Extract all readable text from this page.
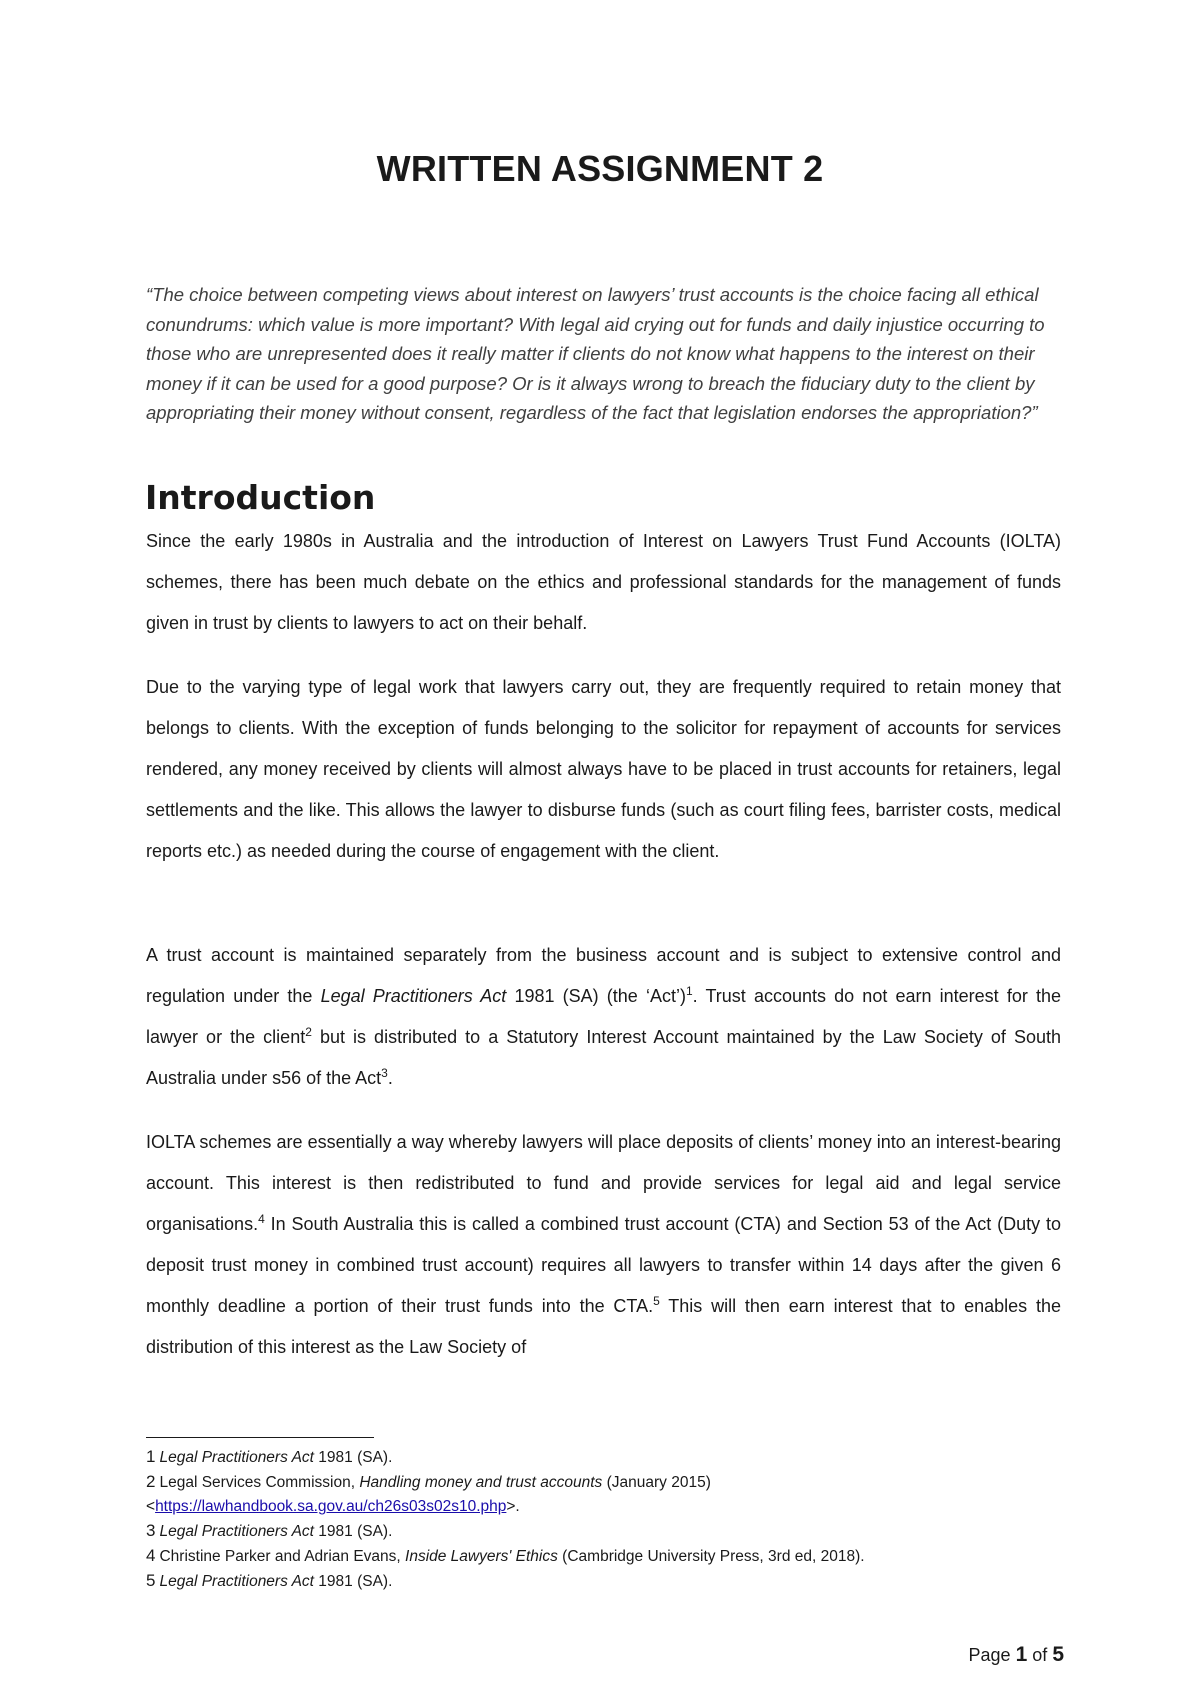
WRITTEN ASSIGNMENT 2

“The choice between competing views about interest on lawyers’ trust accounts is the choice facing all ethical conundrums: which value is more important? With legal aid crying out for funds and daily injustice occurring to those who are unrepresented does it really matter if clients do not know what happens to the interest on their money if it can be used for a good purpose? Or is it always wrong to breach the fiduciary duty to the client by appropriating their money without consent, regardless of the fact that legislation endorses the appropriation?”

Introduction

Since the early 1980s in Australia and the introduction of Interest on Lawyers Trust Fund Accounts (IOLTA) schemes, there has been much debate on the ethics and professional standards for the management of funds given in trust by clients to lawyers to act on their behalf.

Due to the varying type of legal work that lawyers carry out, they are frequently required to retain money that belongs to clients. With the exception of funds belonging to the solicitor for repayment of accounts for services rendered, any money received by clients will almost always have to be placed in trust accounts for retainers, legal settlements and the like. This allows the lawyer to disburse funds (such as court filing fees, barrister costs, medical reports etc.) as needed during the course of engagement with the client.

A trust account is maintained separately from the business account and is subject to extensive control and regulation under the Legal Practitioners Act 1981 (SA) (the ‘Act’)$^1$. Trust accounts do not earn interest for the lawyer or the client$^2$ but is distributed to a Statutory Interest Account maintained by the Law Society of South Australia under s56 of the Act$^3$.

IOLTA schemes are essentially a way whereby lawyers will place deposits of clients’ money into an interest-bearing account. This interest is then redistributed to fund and provide services for legal aid and legal service organisations.$^4$ In South Australia this is called a combined trust account (CTA) and Section 53 of the Act (Duty to deposit trust money in combined trust account) requires all lawyers to transfer within 14 days after the given 6 monthly deadline a portion of their trust funds into the CTA.$^5$ This will then earn interest that to enables the distribution of this interest as the Law Society of

1 Legal Practitioners Act 1981 (SA).
2 Legal Services Commission, Handling money and trust accounts (January 2015)
<https://lawhandbook.sa.gov.au/ch26s03s02s10.php>.
3 Legal Practitioners Act 1981 (SA).
4 Christine Parker and Adrian Evans, Inside Lawyers' Ethics (Cambridge University Press, 3rd ed, 2018).
5 Legal Practitioners Act 1981 (SA).
Page 1 of 5
